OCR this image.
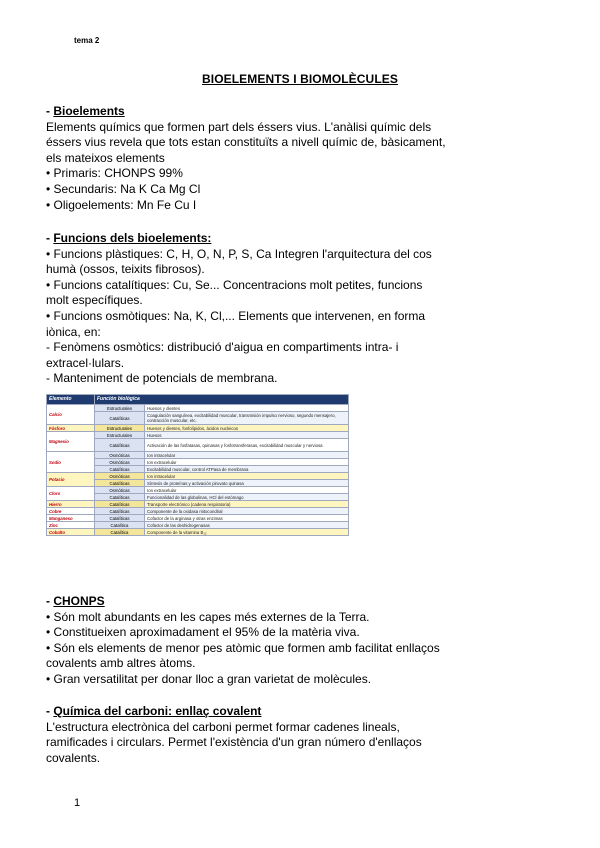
tema 2
BIOELEMENTS I BIOMOLÈCULES

- Bioelements

Elements químics que formen part dels éssers vius. L'anàlisi químic dels éssers vius revela que tots estan constituïts a nivell químic de, bàsicament, els mateixos elements

• Primaris: CHONPS 99%

• Secundaris: Na K Ca Mg Cl

• Oligoelements: Mn Fe Cu I

- Funcions dels bioelements:

• Funcions plàstiques: C, H, O, N, P, S, Ca Integren l'arquitectura del cos humà (ossos, teixits fibrosos).

• Funcions catalítiques: Cu, Se... Concentracions molt petites, funcions molt específiques.

• Funcions osmòtiques: Na, K, Cl,... Elements que intervenen, en forma iònica, en:

- Fenòmens osmòtics: distribució d'aigua en compartiments intra- i extracel·lulars.

- Manteniment de potencials de membrana.

Elemento	Función biológica	
Calcio	Estructurales	Huesos y dientes
	Catalíticas	Coagulación sanguínea, excitabilidad muscular, transmisión impulso nervioso, segundo mensajero, contracción muscular, etc.
Fósforo	Estructurales	Huesos y dientes, fosfolípidos, ácidos nucleicos
Magnesio	Estructurales	Huesos
	Catalíticas	Activación de las fosfatasas, quinasas y fosfotransferasas, excitabilidad muscular y nerviosa
Sodio	Osmóticas	Ion intracelular
	Osmóticas	Ion extracelular
	Catalíticas	Excitabilidad muscular, control ATPasa de membrana
Potasio	Osmóticas	Ion intracelular
	Catalíticas	Síntesis de proteínas y activación piruvato quinasa
Cloro	Osmóticas	Ion extracelular
	Catalíticas	Funcionalidad de las globulinas, HCl del estómago
Hierro	Catalíticas	Transporte electrónico (cadena respiratoria)
Cobre	Catalíticas	Componente de la oxidasa mitocondrial
Manganeso	Catalíticas	Cofactor de la arginasa y otras enzimas
Zinc	Catalítica	Cofactor de las deshidrogenasas
Cobalto	Catalítica	Componente de la vitamina B₁₂

- CHONPS

• Són molt abundants en les capes més externes de la Terra.

• Constitueixen aproximadament el 95% de la matèria viva.

• Són els elements de menor pes atòmic que formen amb facilitat enllaços covalents amb altres àtoms.

• Gran versatilitat per donar lloc a gran varietat de molècules.

- Química del carboni: enllaç covalent

L'estructura electrònica del carboni permet formar cadenes lineals, ramificades i circulars. Permet l'existència d'un gran número d'enllaços covalents.

1
